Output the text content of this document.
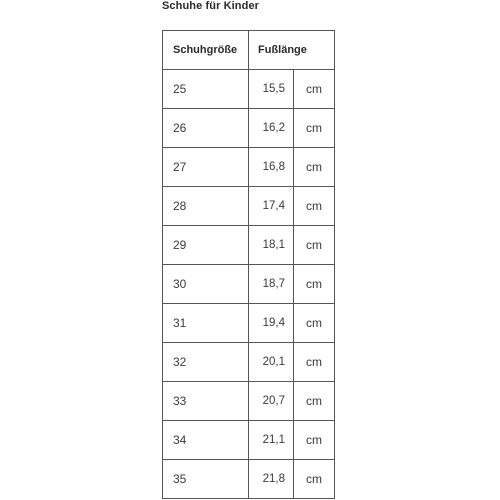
Schuhe für Kinder
Schuhgröße	Fußlänge	
25	15,5	cm
26	16,2	cm
27	16,8	cm
28	17,4	cm
29	18,1	cm
30	18,7	cm
31	19,4	cm
32	20,1	cm
33	20,7	cm
34	21,1	cm
35	21,8	cm
